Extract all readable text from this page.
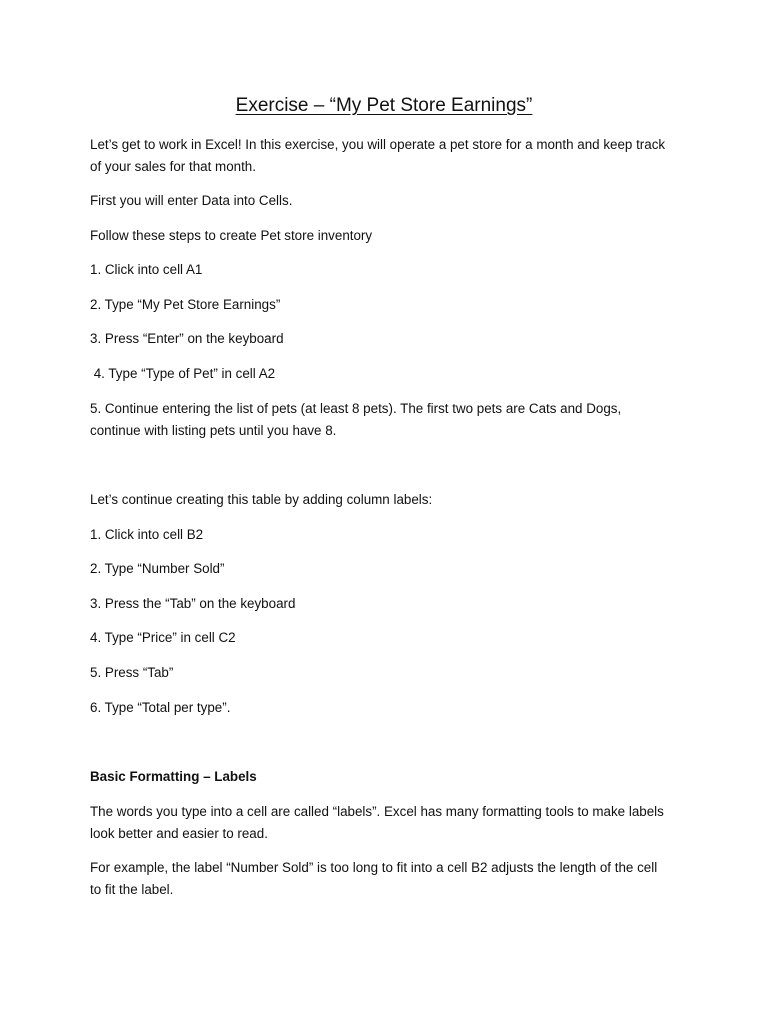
Exercise – “My Pet Store Earnings”

Let’s get to work in Excel! In this exercise, you will operate a pet store for a month and keep track of your sales for that month.

First you will enter Data into Cells.

Follow these steps to create Pet store inventory

1. Click into cell A1

2. Type “My Pet Store Earnings”

3. Press “Enter” on the keyboard

4. Type “Type of Pet” in cell A2

5. Continue entering the list of pets (at least 8 pets). The first two pets are Cats and Dogs, continue with listing pets until you have 8.

Let’s continue creating this table by adding column labels:

1. Click into cell B2

2. Type “Number Sold”

3. Press the “Tab” on the keyboard

4. Type “Price” in cell C2

5. Press “Tab”

6. Type “Total per type”.

Basic Formatting – Labels

The words you type into a cell are called “labels”. Excel has many formatting tools to make labels look better and easier to read.

For example, the label “Number Sold” is too long to fit into a cell B2 adjusts the length of the cell to fit the label.
